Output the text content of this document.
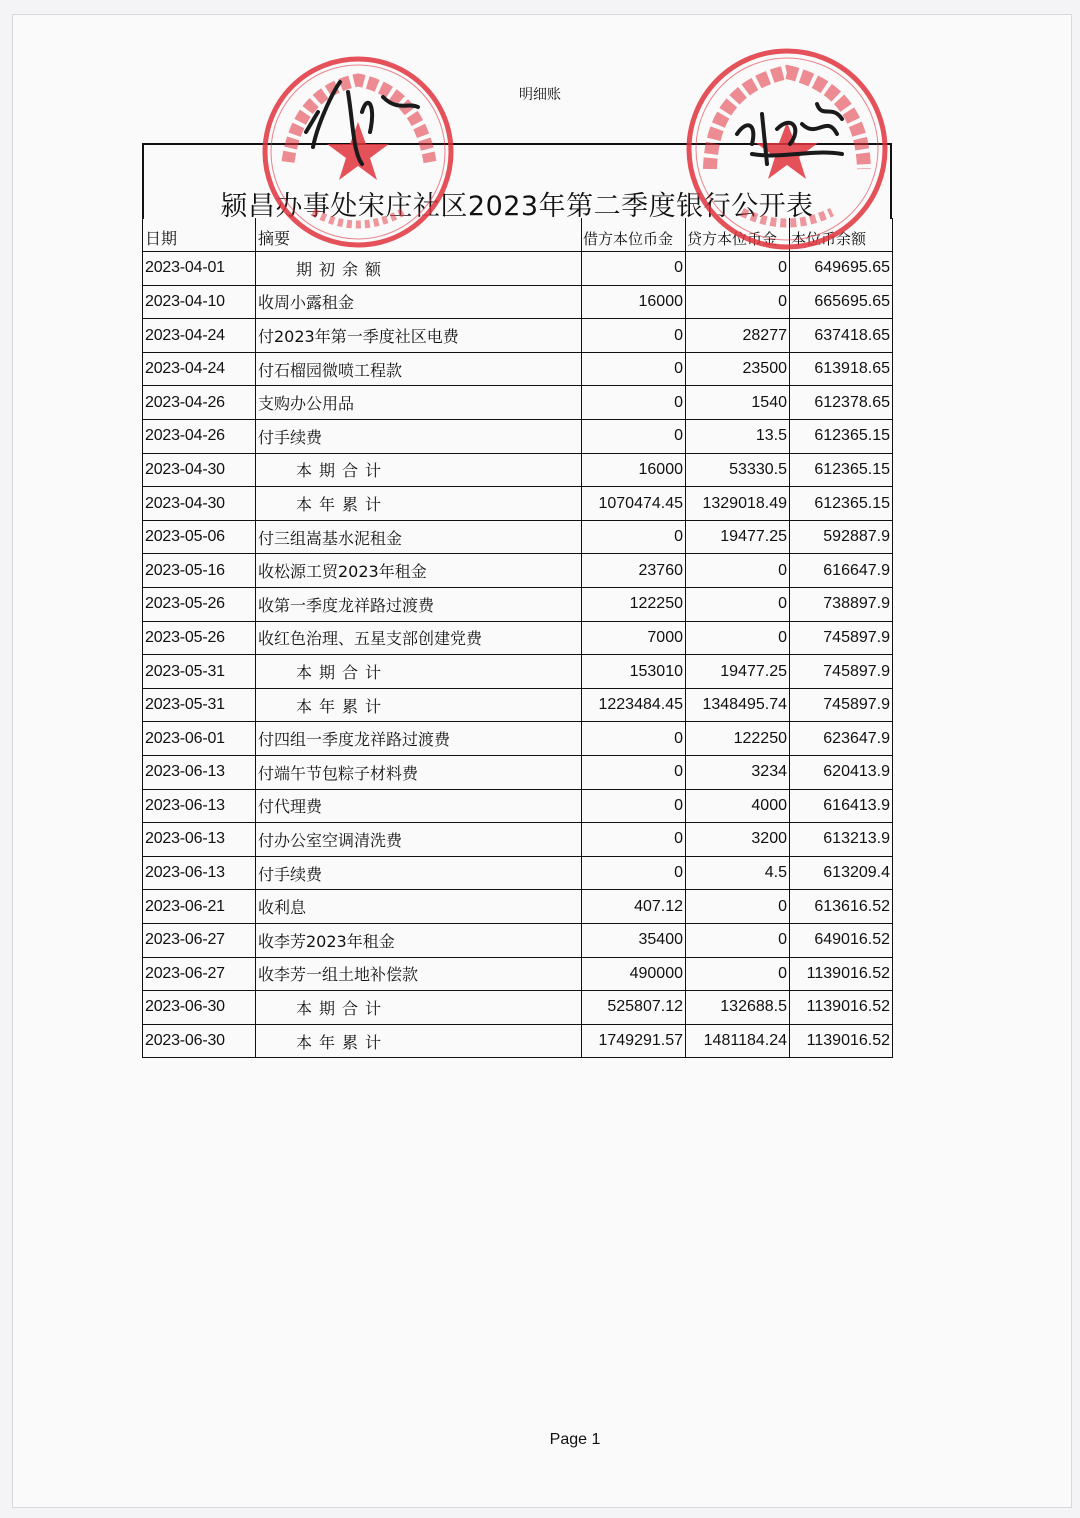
明细账
颍昌办事处宋庄社区2023年第二季度银行公开表
日期	摘要	借方本位币金	贷方本位币金	本位币余额
2023-04-01	期初余额	0	0	649695.65
2023-04-10	收周小露租金	16000	0	665695.65
2023-04-24	付2023年第一季度社区电费	0	28277	637418.65
2023-04-24	付石榴园微喷工程款	0	23500	613918.65
2023-04-26	支购办公用品	0	1540	612378.65
2023-04-26	付手续费	0	13.5	612365.15
2023-04-30	本期合计	16000	53330.5	612365.15
2023-04-30	本年累计	1070474.45	1329018.49	612365.15
2023-05-06	付三组嵩基水泥租金	0	19477.25	592887.9
2023-05-16	收松源工贸2023年租金	23760	0	616647.9
2023-05-26	收第一季度龙祥路过渡费	122250	0	738897.9
2023-05-26	收红色治理、五星支部创建党费	7000	0	745897.9
2023-05-31	本期合计	153010	19477.25	745897.9
2023-05-31	本年累计	1223484.45	1348495.74	745897.9
2023-06-01	付四组一季度龙祥路过渡费	0	122250	623647.9
2023-06-13	付端午节包粽子材料费	0	3234	620413.9
2023-06-13	付代理费	0	4000	616413.9
2023-06-13	付办公室空调清洗费	0	3200	613213.9
2023-06-13	付手续费	0	4.5	613209.4
2023-06-21	收利息	407.12	0	613616.52
2023-06-27	收李芳2023年租金	35400	0	649016.52
2023-06-27	收李芳一组土地补偿款	490000	0	1139016.52
2023-06-30	本期合计	525807.12	132688.5	1139016.52
2023-06-30	本年累计	1749291.57	1481184.24	1139016.52
Page 1
